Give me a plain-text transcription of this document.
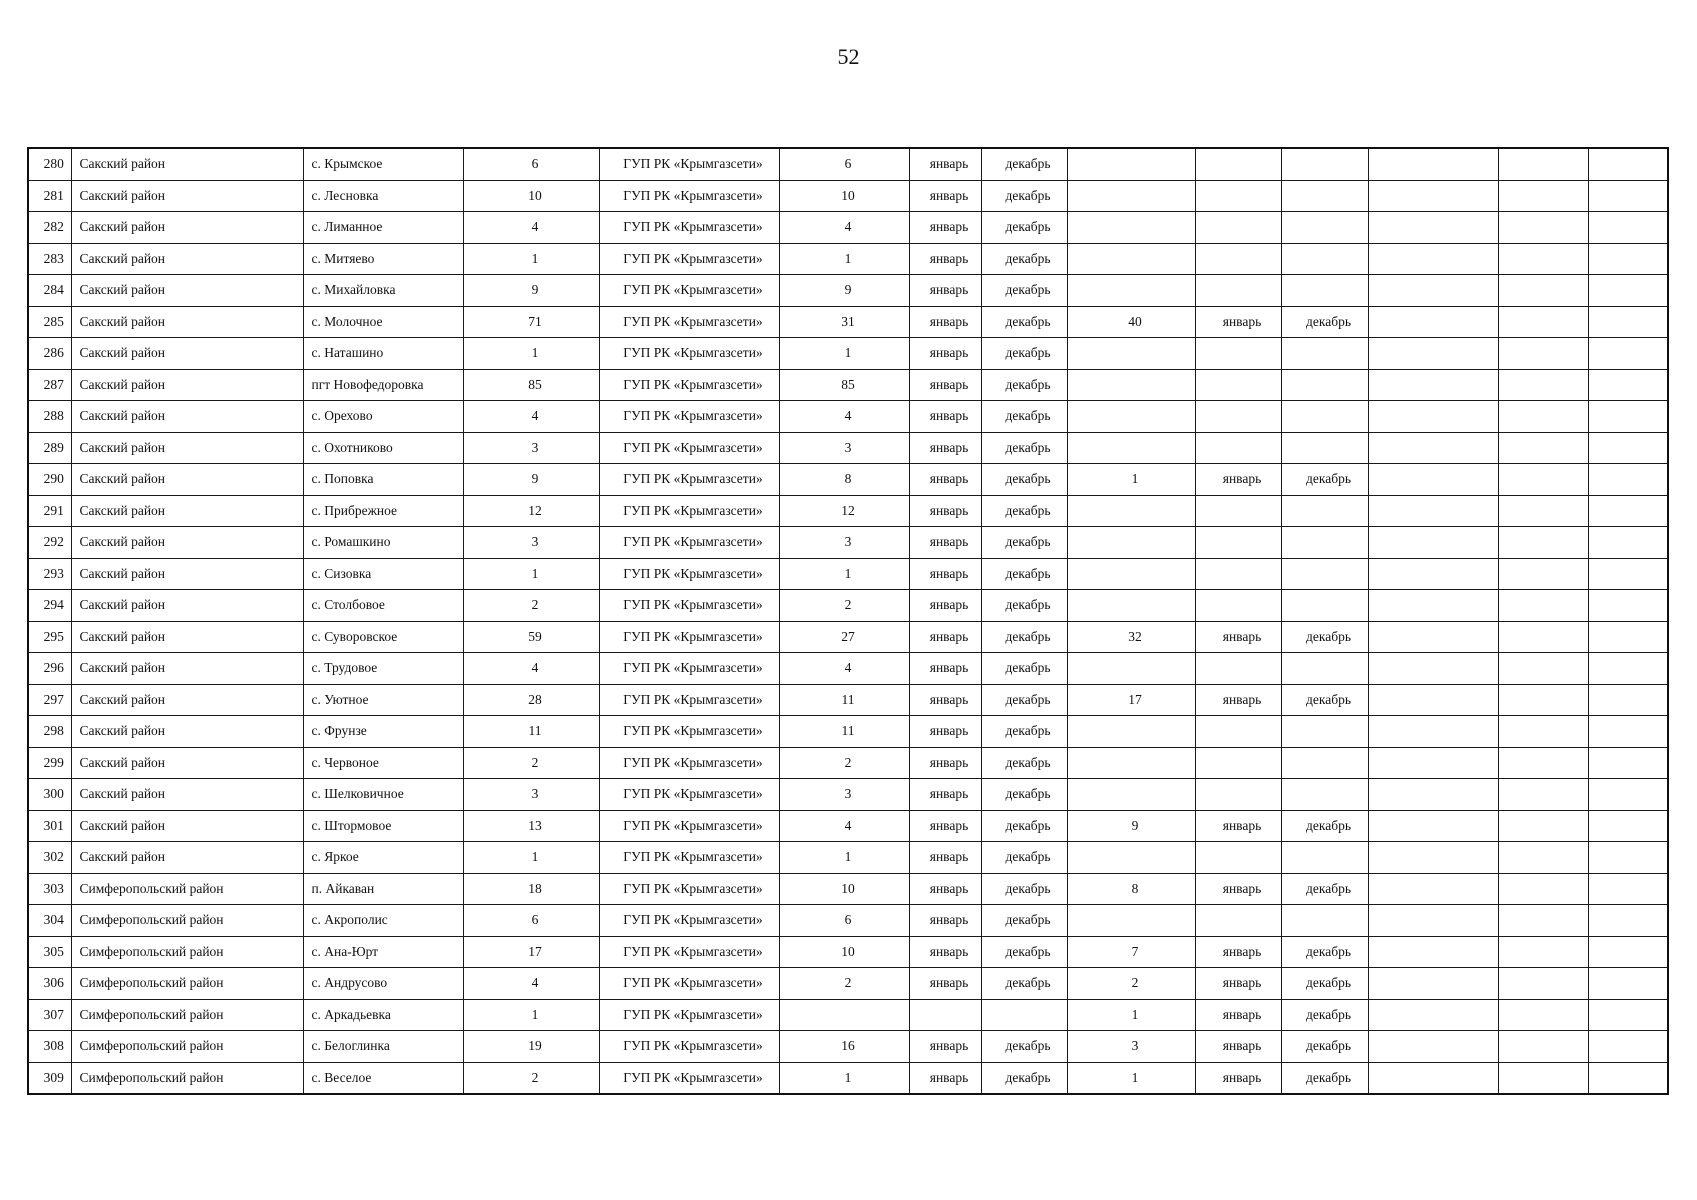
52
280	Сакский район	с. Крымское	6	ГУП РК «Крымгазсети»	6	январь	декабрь						
281	Сакский район	с. Лесновка	10	ГУП РК «Крымгазсети»	10	январь	декабрь						
282	Сакский район	с. Лиманное	4	ГУП РК «Крымгазсети»	4	январь	декабрь						
283	Сакский район	с. Митяево	1	ГУП РК «Крымгазсети»	1	январь	декабрь						
284	Сакский район	с. Михайловка	9	ГУП РК «Крымгазсети»	9	январь	декабрь						
285	Сакский район	с. Молочное	71	ГУП РК «Крымгазсети»	31	январь	декабрь	40	январь	декабрь			
286	Сакский район	с. Наташино	1	ГУП РК «Крымгазсети»	1	январь	декабрь						
287	Сакский район	пгт Новофедоровка	85	ГУП РК «Крымгазсети»	85	январь	декабрь						
288	Сакский район	с. Орехово	4	ГУП РК «Крымгазсети»	4	январь	декабрь						
289	Сакский район	с. Охотниково	3	ГУП РК «Крымгазсети»	3	январь	декабрь						
290	Сакский район	с. Поповка	9	ГУП РК «Крымгазсети»	8	январь	декабрь	1	январь	декабрь			
291	Сакский район	с. Прибрежное	12	ГУП РК «Крымгазсети»	12	январь	декабрь						
292	Сакский район	с. Ромашкино	3	ГУП РК «Крымгазсети»	3	январь	декабрь						
293	Сакский район	с. Сизовка	1	ГУП РК «Крымгазсети»	1	январь	декабрь						
294	Сакский район	с. Столбовое	2	ГУП РК «Крымгазсети»	2	январь	декабрь						
295	Сакский район	с. Суворовское	59	ГУП РК «Крымгазсети»	27	январь	декабрь	32	январь	декабрь			
296	Сакский район	с. Трудовое	4	ГУП РК «Крымгазсети»	4	январь	декабрь						
297	Сакский район	с. Уютное	28	ГУП РК «Крымгазсети»	11	январь	декабрь	17	январь	декабрь			
298	Сакский район	с. Фрунзе	11	ГУП РК «Крымгазсети»	11	январь	декабрь						
299	Сакский район	с. Червоное	2	ГУП РК «Крымгазсети»	2	январь	декабрь						
300	Сакский район	с. Шелковичное	3	ГУП РК «Крымгазсети»	3	январь	декабрь						
301	Сакский район	с. Штормовое	13	ГУП РК «Крымгазсети»	4	январь	декабрь	9	январь	декабрь			
302	Сакский район	с. Яркое	1	ГУП РК «Крымгазсети»	1	январь	декабрь						
303	Симферопольский район	п. Айкаван	18	ГУП РК «Крымгазсети»	10	январь	декабрь	8	январь	декабрь			
304	Симферопольский район	с. Акрополис	6	ГУП РК «Крымгазсети»	6	январь	декабрь						
305	Симферопольский район	с. Ана-Юрт	17	ГУП РК «Крымгазсети»	10	январь	декабрь	7	январь	декабрь			
306	Симферопольский район	с. Андрусово	4	ГУП РК «Крымгазсети»	2	январь	декабрь	2	январь	декабрь			
307	Симферопольский район	с. Аркадьевка	1	ГУП РК «Крымгазсети»				1	январь	декабрь			
308	Симферопольский район	с. Белоглинка	19	ГУП РК «Крымгазсети»	16	январь	декабрь	3	январь	декабрь			
309	Симферопольский район	с. Веселое	2	ГУП РК «Крымгазсети»	1	январь	декабрь	1	январь	декабрь			
